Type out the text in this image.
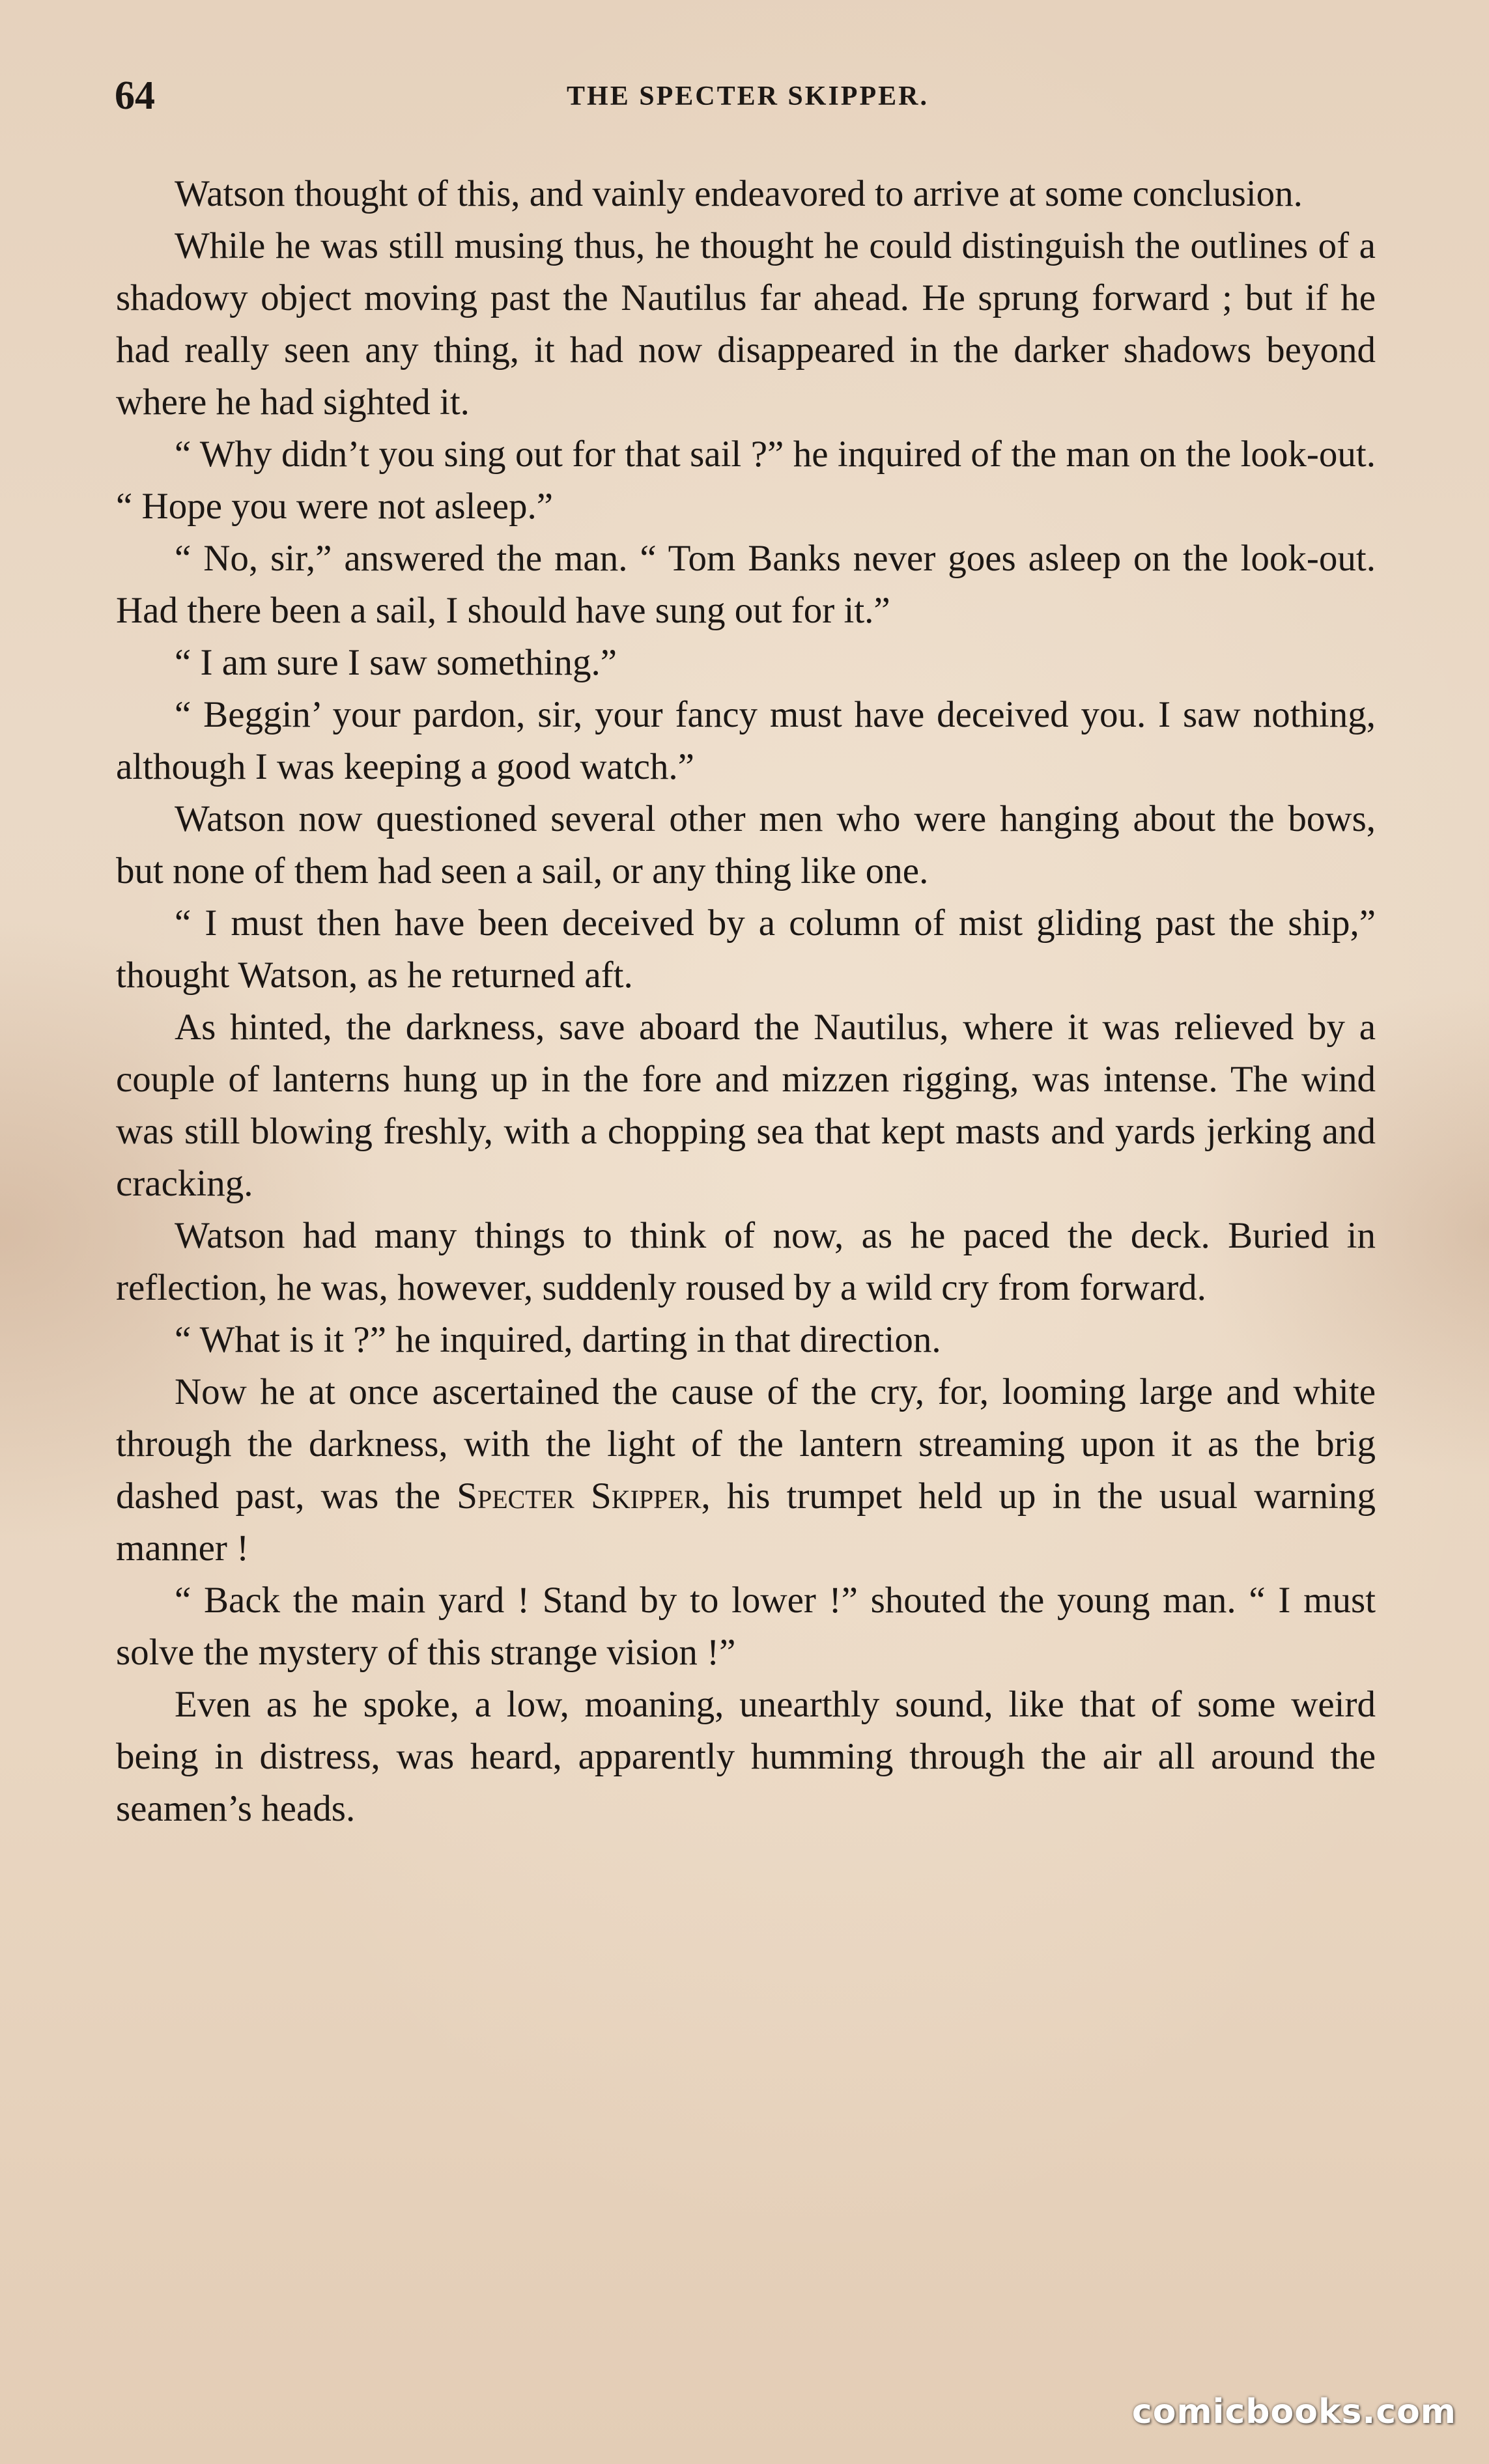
64	THE SPECTER SKIPPER.

Watson thought of this, and vainly endeavored to arrive at some conclusion.

While he was still musing thus, he thought he could distinguish the outlines of a shadowy object moving past the Nautilus far ahead. He sprung forward ; but if he had really seen any thing, it had now disappeared in the darker shadows beyond where he had sighted it.

“ Why didn’t you sing out for that sail ?” he inquired of the man on the look-out. “ Hope you were not asleep.”

“ No, sir,” answered the man. “ Tom Banks never goes asleep on the look-out. Had there been a sail, I should have sung out for it.”

“ I am sure I saw something.”

“ Beggin’ your pardon, sir, your fancy must have deceived you. I saw nothing, although I was keeping a good watch.”

Watson now questioned several other men who were hanging about the bows, but none of them had seen a sail, or any thing like one.

“ I must then have been deceived by a column of mist gliding past the ship,” thought Watson, as he returned aft.

As hinted, the darkness, save aboard the Nautilus, where it was relieved by a couple of lanterns hung up in the fore and mizzen rigging, was intense. The wind was still blowing freshly, with a chopping sea that kept masts and yards jerking and cracking.

Watson had many things to think of now, as he paced the deck. Buried in reflection, he was, however, suddenly roused by a wild cry from forward.

“ What is it ?” he inquired, darting in that direction.

Now he at once ascertained the cause of the cry, for, looming large and white through the darkness, with the light of the lantern streaming upon it as the brig dashed past, was the Specter Skipper, his trumpet held up in the usual warning manner !

“ Back the main yard ! Stand by to lower !” shouted the young man. “ I must solve the mystery of this strange vision !”

Even as he spoke, a low, moaning, unearthly sound, like that of some weird being in distress, was heard, apparently humming through the air all around the seamen’s heads.

comicbooks.com
